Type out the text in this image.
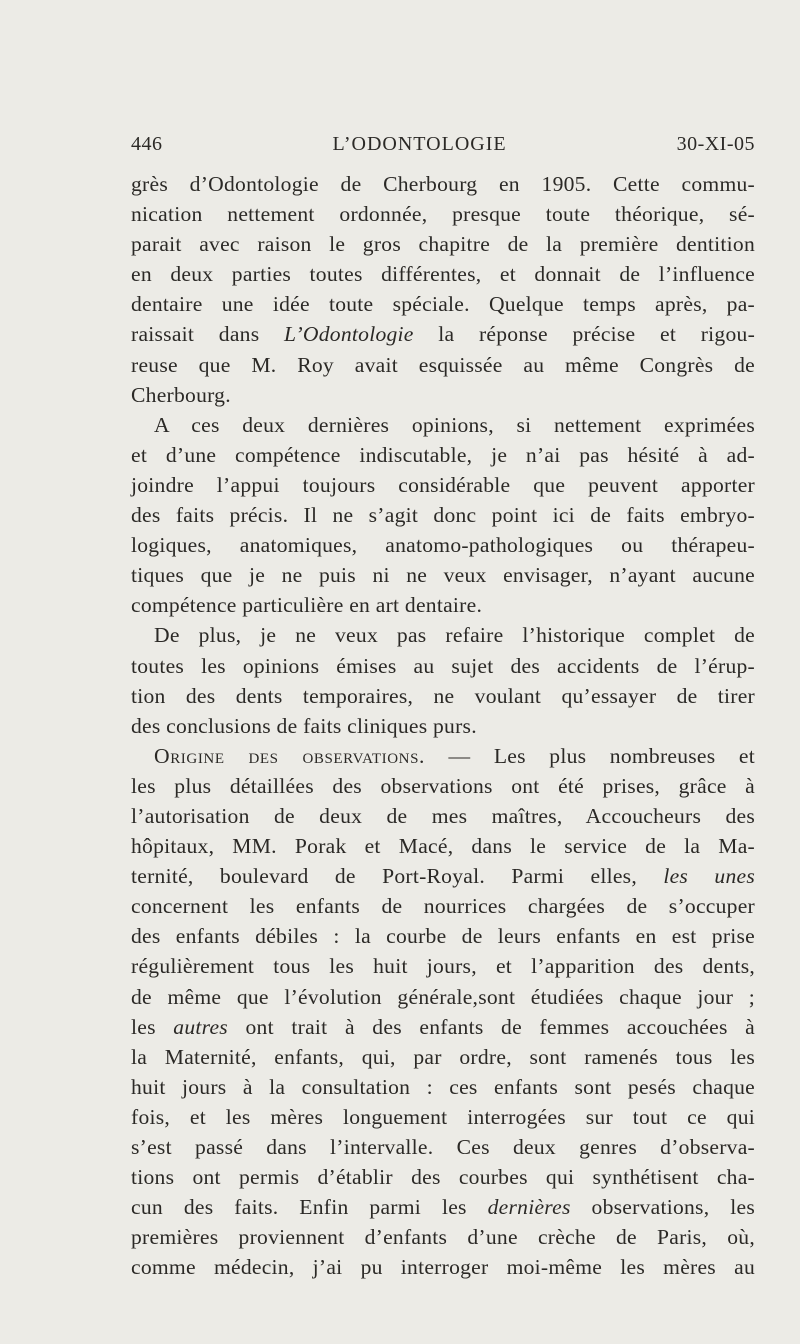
446	L’ODONTOLOGIE	30-XI-05
grès d’Odontologie de Cherbourg en 1905. Cette commu-
nication nettement ordonnée, presque toute théorique, sé-
parait avec raison le gros chapitre de la première dentition
en deux parties toutes différentes, et donnait de l’influence
dentaire une idée toute spéciale. Quelque temps après, pa-
raissait dans L’Odontologie la réponse précise et rigou-
reuse que M. Roy avait esquissée au même Congrès de
Cherbourg.
A ces deux dernières opinions, si nettement exprimées
et d’une compétence indiscutable, je n’ai pas hésité à ad-
joindre l’appui toujours considérable que peuvent apporter
des faits précis. Il ne s’agit donc point ici de faits embryo-
logiques, anatomiques, anatomo-pathologiques ou thérapeu-
tiques que je ne puis ni ne veux envisager, n’ayant aucune
compétence particulière en art dentaire.
De plus, je ne veux pas refaire l’historique complet de
toutes les opinions émises au sujet des accidents de l’érup-
tion des dents temporaires, ne voulant qu’essayer de tirer
des conclusions de faits cliniques purs.
Origine des observations. — Les plus nombreuses et
les plus détaillées des observations ont été prises, grâce à
l’autorisation de deux de mes maîtres, Accoucheurs des
hôpitaux, MM. Porak et Macé, dans le service de la Ma-
ternité, boulevard de Port-Royal. Parmi elles, les unes
concernent les enfants de nourrices chargées de s’occuper
des enfants débiles : la courbe de leurs enfants en est prise
régulièrement tous les huit jours, et l’apparition des dents,
de même que l’évolution générale,sont étudiées chaque jour ;
les autres ont trait à des enfants de femmes accouchées à
la Maternité, enfants, qui, par ordre, sont ramenés tous les
huit jours à la consultation : ces enfants sont pesés chaque
fois, et les mères longuement interrogées sur tout ce qui
s’est passé dans l’intervalle. Ces deux genres d’observa-
tions ont permis d’établir des courbes qui synthétisent cha-
cun des faits. Enfin parmi les dernières observations, les
premières proviennent d’enfants d’une crèche de Paris, où,
comme médecin, j’ai pu interroger moi-même les mères au
